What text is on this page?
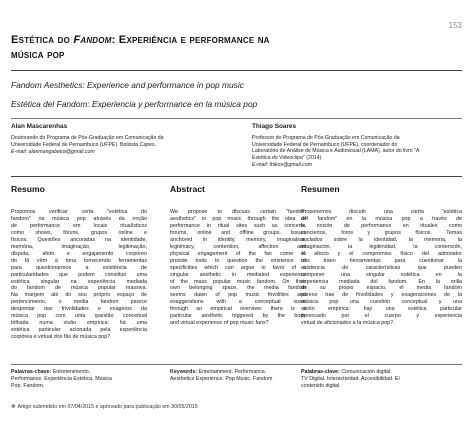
153
Estética do Fandom: Experiência e performance na
música pop
Fandom Aesthetics: Experience and performance in pop music
Estética del Fandom: Experiencia y performance en la música pop
Alan Mascarenhas
Doutorando do Programa de Pós-Graduação em Comunicação da
Universidade Federal de Pernambuco (UFPE). Bolsista Capes.
E-mail: alanmangabeira@gmail.com
Thiago Soares
Professor do Programa de Pós-Graduação em Comunicação da
Universidade Federal de Pernambuco (UFPE), coordenador do
Laboratório de Análise de Música e Audiovisual (LAMA), autor do livro "A
Estética do Videoclipe" (2014).
E-mail: thikos@gmail.com
Resumo
Propomos verificar certa "estética do
fandom" na música pop através da noção
de performance em locais ritualísticos
como shows, fóruns, grupos online e
físicos. Questões ancoradas na identidade,
memória, imaginação, legitimação,
disputa, afeto e engajamento corpóreo
do fã vêm à tona fornecendo ferramentas
para questionarmos a existência de
particularidades que podem constituir uma
estética singular na experiência mediada
do fandom de música popular massiva.
Na margem até do seu próprio espaço de
pertencimento, o media fandom parece
despontar das frivolidades e exageros da
música pop com uma questão conceitual
trilhada numa visão empírica: há uma
estética particular acionada pela experiência
corpórea e virtual dos fãs de música pop?
Abstract
We propose to discuss certain "fandom
aesthetics" in pop music through the idea of
performance in ritual sites such as concerts,
forums, online and offline groups. Issues
anchored in identity, memory, imagination,
legitimacy, contention, affection and
physical engagement of the fan come to
provide tools to question the existence of
specificities which can argue in favor of a
singular aesthetic in mediated experience
of the mass popular music fandom. On their
own belonging space, the media fandom
seems dawn of pop music frivolities and
exaggerations with a conceptual issue
through an empirical overview: there is a
particular aesthetic triggered by the body
and virtual experience of pop music fans?
Resumen
Proponemos discutir una cierta "estética
del fandom" en la música pop a través de
la noción de performance en rituales como
conciertos, foros y grupos físicos. Temas
anclados sobre la identidad, la memoria, la
imaginación, la legitimidad, la contención,
el afecto y el compromiso físico del admirador
nos traen herramientas para cuestionar la
existencia de características que pueden
componer una singular estética en la
experiencia mediada del fandom. En la orilla
de su propio espacio, el media fandom
parece trae de frivolidades y exageraciones de la
música pop una cuestión conceptual y una
visión empírica: hay una estética particular
provocado por el cuerpo y experiencia
virtual de aficionados a la música pop?.
Palavras-chave: Entretenimento.
Performance. Experiência Estética. Música
Pop. Fandom.
Keywords: Entertainment. Performance.
Aesthetics Experience. Pop Music. Fandom
Palabras-clave: Comunicación digital.
TV Digital. Interactividad. Accesibilidad. El
contenido digital.
✤ Artigo submetido em 07/04/2015 e aprovado para publicação em 30/05/2015
